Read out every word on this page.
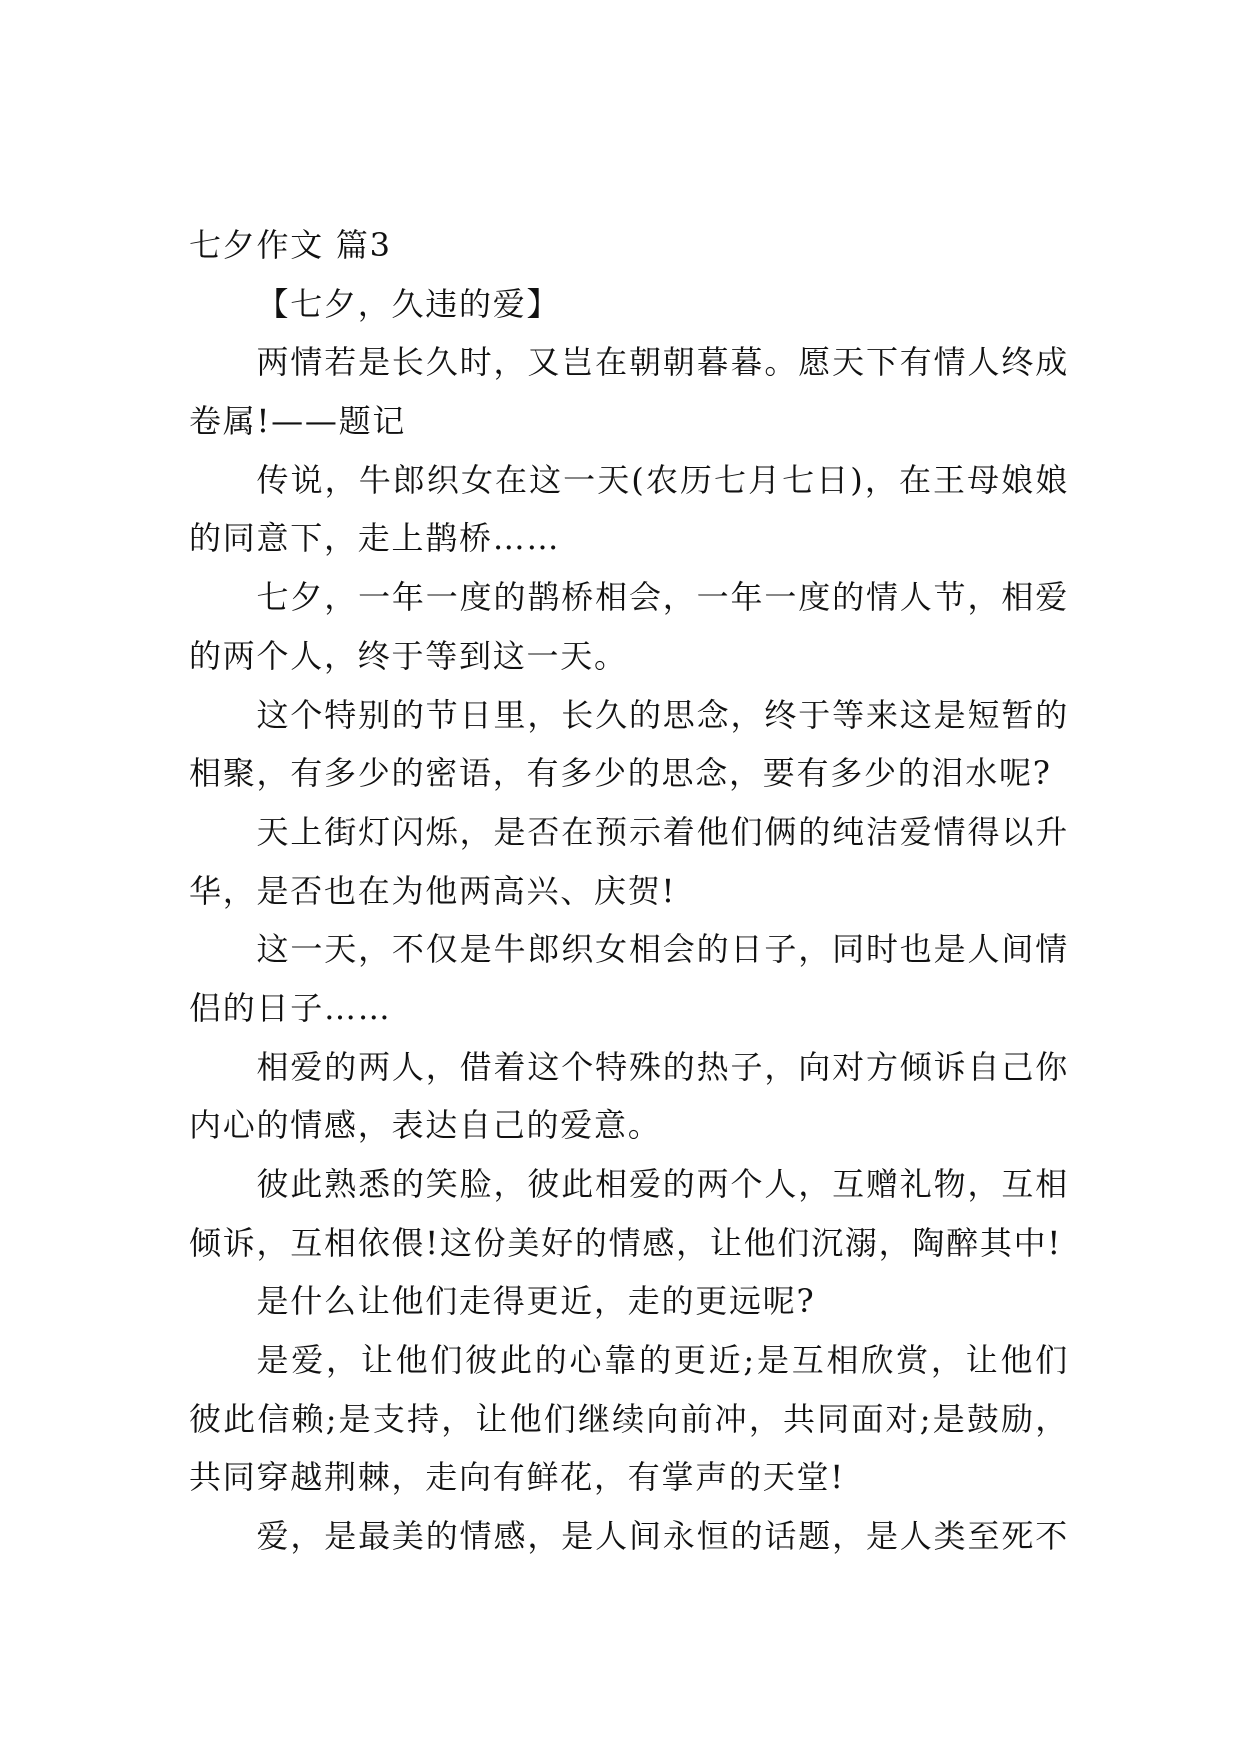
七夕作文 篇3
【七夕，久违的爱】
两情若是长久时，又岂在朝朝暮暮。愿天下有情人终成
卷属!——题记
传说，牛郎织女在这一天(农历七月七日)，在王母娘娘
的同意下，走上鹊桥……
七夕，一年一度的鹊桥相会，一年一度的情人节，相爱
的两个人，终于等到这一天。
这个特别的节日里，长久的思念，终于等来这是短暂的
相聚，有多少的密语，有多少的思念，要有多少的泪水呢?
天上街灯闪烁，是否在预示着他们俩的纯洁爱情得以升
华，是否也在为他两高兴、庆贺!
这一天，不仅是牛郎织女相会的日子，同时也是人间情
侣的日子……
相爱的两人，借着这个特殊的热子，向对方倾诉自己你
内心的情感，表达自己的爱意。
彼此熟悉的笑脸，彼此相爱的两个人，互赠礼物，互相
倾诉，互相依偎!这份美好的情感，让他们沉溺，陶醉其中!
是什么让他们走得更近，走的更远呢?
是爱，让他们彼此的心靠的更近;是互相欣赏，让他们
彼此信赖;是支持，让他们继续向前冲，共同面对;是鼓励，
共同穿越荆棘，走向有鲜花，有掌声的天堂!
爱，是最美的情感，是人间永恒的话题，是人类至死不
